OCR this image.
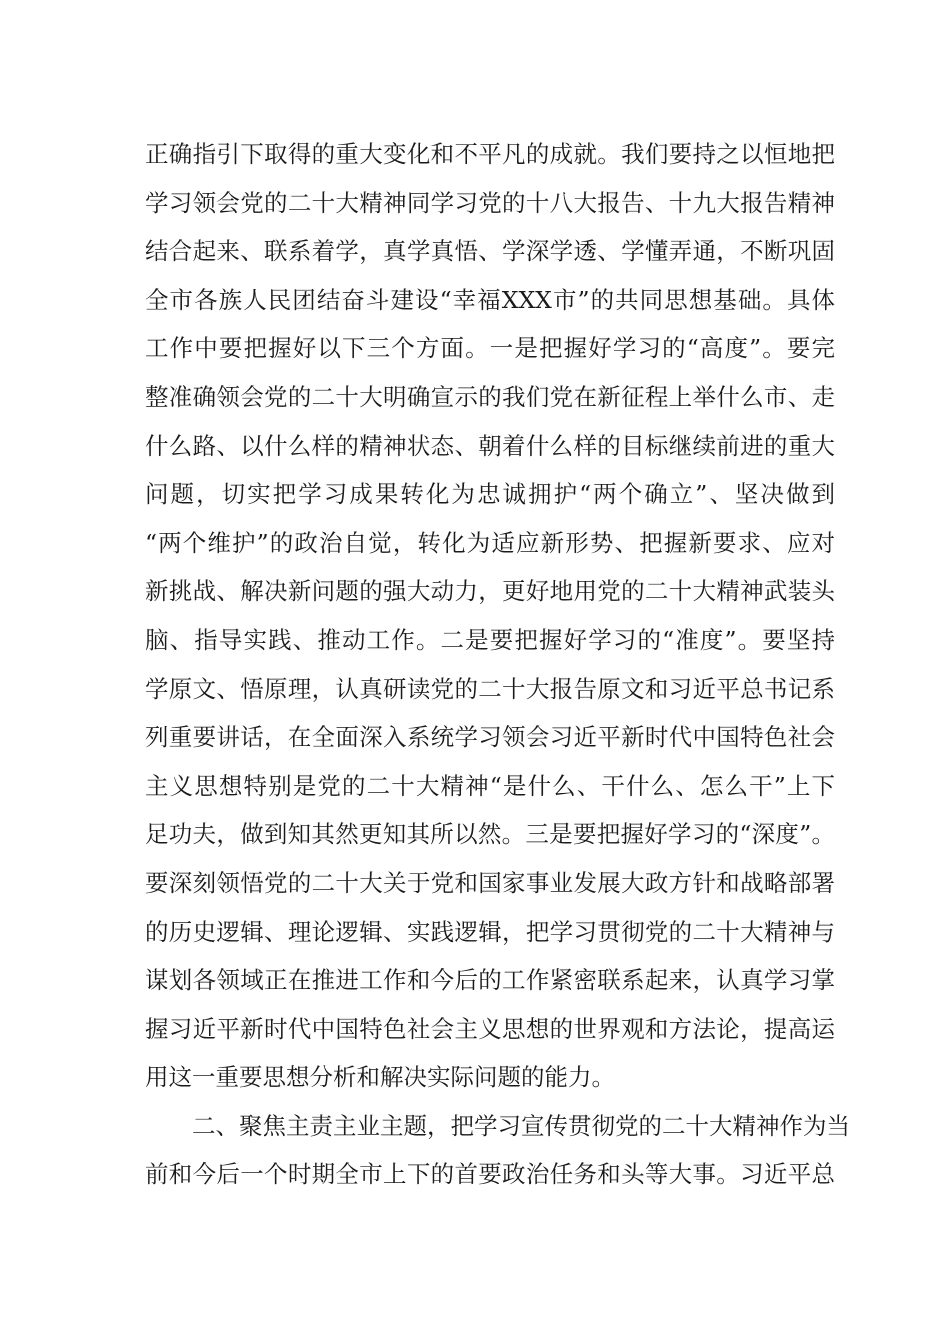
正确指引下取得的重大变化和不平凡的成就。我们要持之以恒地把
学习领会党的二十大精神同学习党的十八大报告、十九大报告精神
结合起来、联系着学，真学真悟、学深学透、学懂弄通，不断巩固
全市各族人民团结奋斗建设“幸福XXX市”的共同思想基础。具体
工作中要把握好以下三个方面。一是把握好学习的“高度”。要完
整准确领会党的二十大明确宣示的我们党在新征程上举什么市、走
什么路、以什么样的精神状态、朝着什么样的目标继续前进的重大
问题，切实把学习成果转化为忠诚拥护“两个确立”、坚决做到
“两个维护”的政治自觉，转化为适应新形势、把握新要求、应对
新挑战、解决新问题的强大动力，更好地用党的二十大精神武装头
脑、指导实践、推动工作。二是要把握好学习的“准度”。要坚持
学原文、悟原理，认真研读党的二十大报告原文和习近平总书记系
列重要讲话，在全面深入系统学习领会习近平新时代中国特色社会
主义思想特别是党的二十大精神“是什么、干什么、怎么干”上下
足功夫，做到知其然更知其所以然。三是要把握好学习的“深度”。
要深刻领悟党的二十大关于党和国家事业发展大政方针和战略部署
的历史逻辑、理论逻辑、实践逻辑，把学习贯彻党的二十大精神与
谋划各领域正在推进工作和今后的工作紧密联系起来，认真学习掌
握习近平新时代中国特色社会主义思想的世界观和方法论，提高运
用这一重要思想分析和解决实际问题的能力。
二、聚焦主责主业主题，把学习宣传贯彻党的二十大精神作为当
前和今后一个时期全市上下的首要政治任务和头等大事。习近平总
